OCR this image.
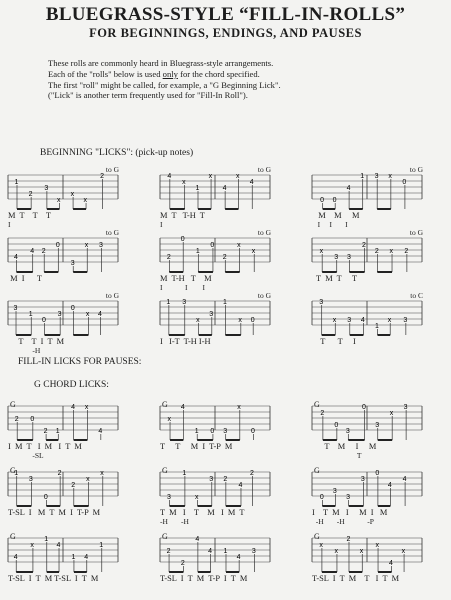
BLUEGRASS-STYLE “FILL-IN-ROLLS”
FOR BEGINNINGS, ENDINGS, AND PAUSES

These rolls are commonly heard in Bluegrass-style arrangements.

Each of the "rolls" below is used only for the chord specified.

The first "roll" might be called, for example, a "G Beginning Lick".

("Lick" is another term frequently used for "Fill-In Roll").

BEGINNING "LICKS": (pick-up notes)
FILL-IN LICKS FOR PAUSES:
G CHORD LICKS:
1
2
3
x
x
x
2
to G
M  T    T    T
I
4
x
1
x
4
x
4
to G
M  T   T-H  T
I
0 0
4
1 3 x
0
to G
M    M     M
I     I       I
4
4 2
0
3
x 3
to G
M  I      T
2
0
1
0
2
x
x
to G
M  T-H   T    M
I            I        I
x
3 3
2
2 x 2
to G
T  M  T     T
3
1
0
3
0
x 4
to G
T    T  I  T  M
-H
1 3
x
3
1
x 0
to G
I   I-T  T-H I-H
3
x 3 4
1
x 3
to C
T      T     I
2 0
2 1
4 x
4
G
I  M  T   I  M   I  T  M
-SL
x
4
1 0 3
x
0
G
T     T     M  I  T-P  M
2
0
3
0
3
x
3
G
T    M     I     M
T
1
3
0
2
2
x
x
G
T-SL  I   M  T  M  I  T-P  M
3
1
x
3 2
4
2
G
T  M   I    T    M   I  M  T
-H       -H
0
3
3
3
0
4
4
G
I    T  M   I     M  I   M
-H       -H            -P
4
x
1
4
1 4
1
G
T-SL  I  T  M T-SL  I  T  M
2
2
4
4 1
4
3
G
T-SL  I  T  M  T-P  I  T  M
x
x
2
x
x
4
x
G
T-SL  I  T  M    T   I  T  M
